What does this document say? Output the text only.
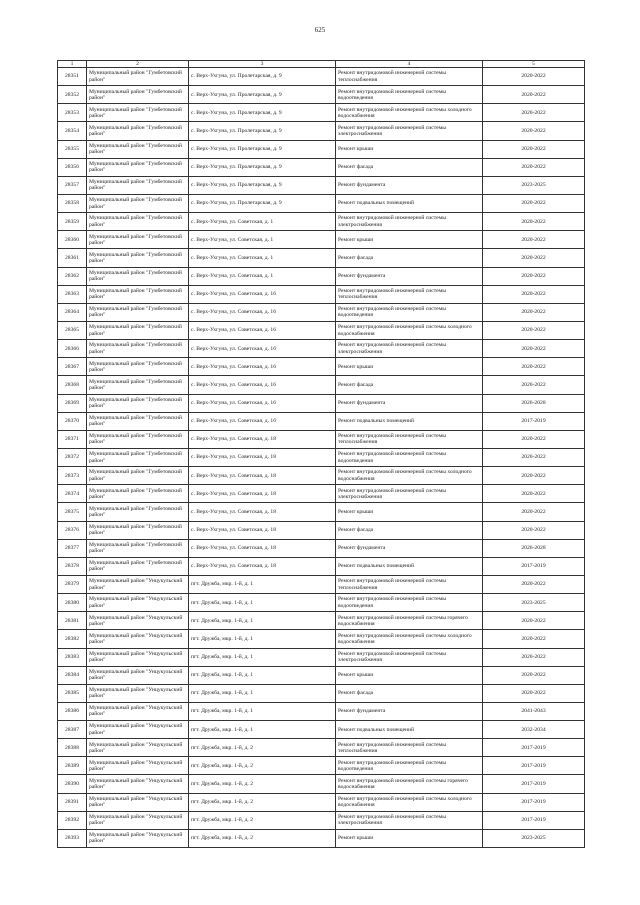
625
1	2	3	4	5
28351	Муниципальный район "Гумбетовский район"	с. Верх-Ухгуна, ул. Пролетарская, д. 9	Ремонт внутридомовой инженерной системы теплоснабжения	2020-2022
28352	Муниципальный район "Гумбетовский район"	с. Верх-Ухгуна, ул. Пролетарская, д. 9	Ремонт внутридомовой инженерной системы водоотведения	2020-2022
28353	Муниципальный район "Гумбетовский район"	с. Верх-Ухгуна, ул. Пролетарская, д. 9	Ремонт внутридомовой инженерной системы холодного водоснабжения	2020-2022
28354	Муниципальный район "Гумбетовский район"	с. Верх-Ухгуна, ул. Пролетарская, д. 9	Ремонт внутридомовой инженерной системы электроснабжения	2020-2022
28355	Муниципальный район "Гумбетовский район"	с. Верх-Ухгуна, ул. Пролетарская, д. 9	Ремонт крыши	2020-2022
28356	Муниципальный район "Гумбетовский район"	с. Верх-Ухгуна, ул. Пролетарская, д. 9	Ремонт фасада	2020-2022
28357	Муниципальный район "Гумбетовский район"	с. Верх-Ухгуна, ул. Пролетарская, д. 9	Ремонт фундамента	2023-2025
28358	Муниципальный район "Гумбетовский район"	с. Верх-Ухгуна, ул. Пролетарская, д. 9	Ремонт подвальных помещений	2020-2022
28359	Муниципальный район "Гумбетовский район"	с. Верх-Ухгуна, ул. Советская, д. 1	Ремонт внутридомовой инженерной системы электроснабжения	2020-2022
28360	Муниципальный район "Гумбетовский район"	с. Верх-Ухгуна, ул. Советская, д. 1	Ремонт крыши	2020-2022
28361	Муниципальный район "Гумбетовский район"	с. Верх-Ухгуна, ул. Советская, д. 1	Ремонт фасада	2020-2022
28362	Муниципальный район "Гумбетовский район"	с. Верх-Ухгуна, ул. Советская, д. 1	Ремонт фундамента	2020-2022
28363	Муниципальный район "Гумбетовский район"	с. Верх-Ухгуна, ул. Советская, д. 16	Ремонт внутридомовой инженерной системы теплоснабжения	2020-2022
28364	Муниципальный район "Гумбетовский район"	с. Верх-Ухгуна, ул. Советская, д. 16	Ремонт внутридомовой инженерной системы водоотведения	2020-2022
28365	Муниципальный район "Гумбетовский район"	с. Верх-Ухгуна, ул. Советская, д. 16	Ремонт внутридомовой инженерной системы холодного водоснабжения	2020-2022
28366	Муниципальный район "Гумбетовский район"	с. Верх-Ухгуна, ул. Советская, д. 16	Ремонт внутридомовой инженерной системы электроснабжения	2020-2022
28367	Муниципальный район "Гумбетовский район"	с. Верх-Ухгуна, ул. Советская, д. 16	Ремонт крыши	2020-2022
28368	Муниципальный район "Гумбетовский район"	с. Верх-Ухгуна, ул. Советская, д. 16	Ремонт фасада	2020-2022
28369	Муниципальный район "Гумбетовский район"	с. Верх-Ухгуна, ул. Советская, д. 16	Ремонт фундамента	2026-2028
28370	Муниципальный район "Гумбетовский район"	с. Верх-Ухгуна, ул. Советская, д. 16	Ремонт подвальных помещений	2017-2019
28371	Муниципальный район "Гумбетовский район"	с. Верх-Ухгуна, ул. Советская, д. 18	Ремонт внутридомовой инженерной системы теплоснабжения	2020-2022
28372	Муниципальный район "Гумбетовский район"	с. Верх-Ухгуна, ул. Советская, д. 18	Ремонт внутридомовой инженерной системы водоотведения	2020-2022
28373	Муниципальный район "Гумбетовский район"	с. Верх-Ухгуна, ул. Советская, д. 18	Ремонт внутридомовой инженерной системы холодного водоснабжения	2020-2022
28374	Муниципальный район "Гумбетовский район"	с. Верх-Ухгуна, ул. Советская, д. 18	Ремонт внутридомовой инженерной системы электроснабжения	2020-2022
28375	Муниципальный район "Гумбетовский район"	с. Верх-Ухгуна, ул. Советская, д. 18	Ремонт крыши	2020-2022
28376	Муниципальный район "Гумбетовский район"	с. Верх-Ухгуна, ул. Советская, д. 18	Ремонт фасада	2020-2022
28377	Муниципальный район "Гумбетовский район"	с. Верх-Ухгуна, ул. Советская, д. 18	Ремонт фундамента	2026-2028
28378	Муниципальный район "Гумбетовский район"	с. Верх-Ухгуна, ул. Советская, д. 18	Ремонт подвальных помещений	2017-2019
28379	Муниципальный район "Унцукульский район"	пгт. Дружба, мкр. 1-й, д. 1	Ремонт внутридомовой инженерной системы теплоснабжения	2020-2022
28380	Муниципальный район "Унцукульский район"	пгт. Дружба, мкр. 1-й, д. 1	Ремонт внутридомовой инженерной системы водоотведения	2023-2025
28381	Муниципальный район "Унцукульский район"	пгт. Дружба, мкр. 1-й, д. 1	Ремонт внутридомовой инженерной системы горячего водоснабжения	2020-2022
28382	Муниципальный район "Унцукульский район"	пгт. Дружба, мкр. 1-й, д. 1	Ремонт внутридомовой инженерной системы холодного водоснабжения	2020-2022
28383	Муниципальный район "Унцукульский район"	пгт. Дружба, мкр. 1-й, д. 1	Ремонт внутридомовой инженерной системы электроснабжения	2020-2022
28384	Муниципальный район "Унцукульский район"	пгт. Дружба, мкр. 1-й, д. 1	Ремонт крыши	2020-2022
28385	Муниципальный район "Унцукульский район"	пгт. Дружба, мкр. 1-й, д. 1	Ремонт фасада	2020-2022
28386	Муниципальный район "Унцукульский район"	пгт. Дружба, мкр. 1-й, д. 1	Ремонт фундамента	2041-2043
28387	Муниципальный район "Унцукульский район"	пгт. Дружба, мкр. 1-й, д. 1	Ремонт подвальных помещений	2032-2034
28388	Муниципальный район "Унцукульский район"	пгт. Дружба, мкр. 1-й, д. 2	Ремонт внутридомовой инженерной системы теплоснабжения	2017-2019
28389	Муниципальный район "Унцукульский район"	пгт. Дружба, мкр. 1-й, д. 2	Ремонт внутридомовой инженерной системы водоотведения	2017-2019
28390	Муниципальный район "Унцукульский район"	пгт. Дружба, мкр. 1-й, д. 2	Ремонт внутридомовой инженерной системы горячего водоснабжения	2017-2019
28391	Муниципальный район "Унцукульский район"	пгт. Дружба, мкр. 1-й, д. 2	Ремонт внутридомовой инженерной системы холодного водоснабжения	2017-2019
28392	Муниципальный район "Унцукульский район"	пгт. Дружба, мкр. 1-й, д. 2	Ремонт внутридомовой инженерной системы электроснабжения	2017-2019
28393	Муниципальный район "Унцукульский район"	пгт. Дружба, мкр. 1-й, д. 2	Ремонт крыши	2023-2025
